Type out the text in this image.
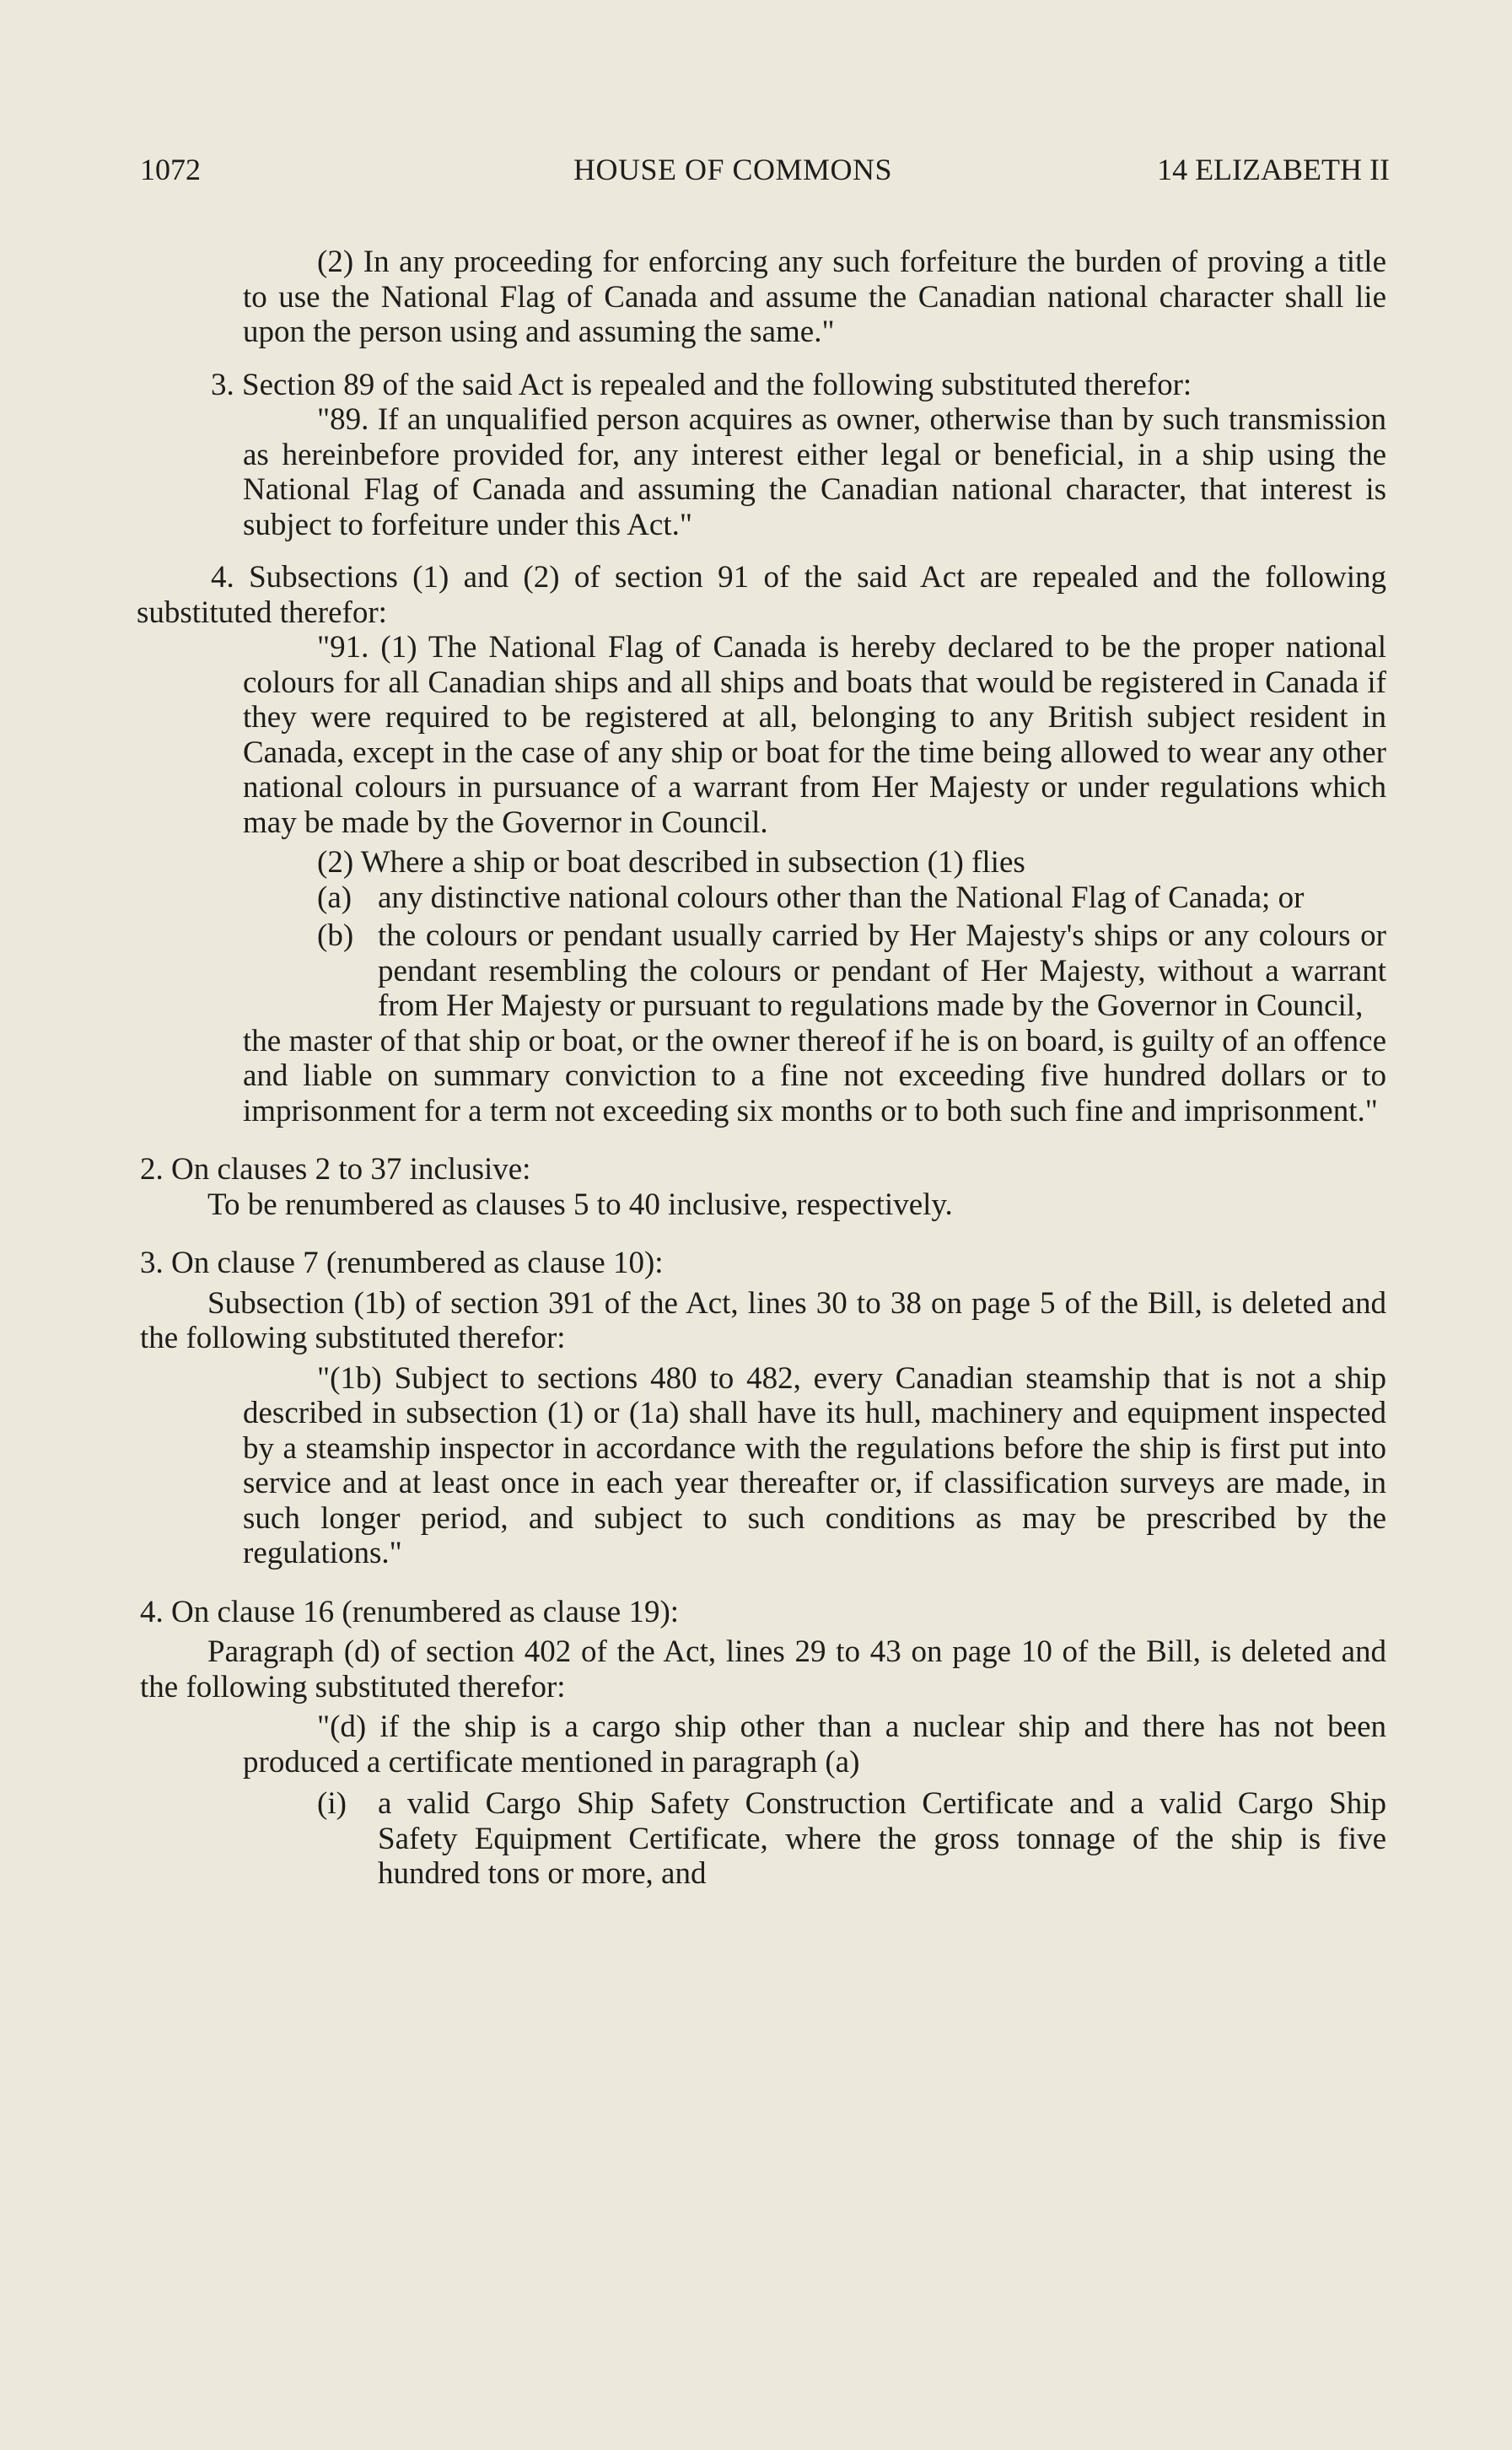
1072	HOUSE OF COMMONS	14 ELIZABETH II

(2) In any proceeding for enforcing any such forfeiture the burden of proving a title to use the National Flag of Canada and assume the Canadian national character shall lie upon the person using and assuming the same."

3. Section 89 of the said Act is repealed and the following substituted therefor:

"89. If an unqualified person acquires as owner, otherwise than by such transmission as hereinbefore provided for, any interest either legal or beneficial, in a ship using the National Flag of Canada and assuming the Canadian national character, that interest is subject to forfeiture under this Act."

4. Subsections (1) and (2) of section 91 of the said Act are repealed and the following substituted therefor:

"91. (1) The National Flag of Canada is hereby declared to be the proper national colours for all Canadian ships and all ships and boats that would be registered in Canada if they were required to be registered at all, belonging to any British subject resident in Canada, except in the case of any ship or boat for the time being allowed to wear any other national colours in pursuance of a warrant from Her Majesty or under regulations which may be made by the Governor in Council.

(2) Where a ship or boat described in subsection (1) flies

(a) any distinctive national colours other than the National Flag of Canada; or
(b) the colours or pendant usually carried by Her Majesty's ships or any colours or pendant resembling the colours or pendant of Her Majesty, without a warrant from Her Majesty or pursuant to regulations made by the Governor in Council,

the master of that ship or boat, or the owner thereof if he is on board, is guilty of an offence and liable on summary conviction to a fine not exceeding five hundred dollars or to imprisonment for a term not exceeding six months or to both such fine and imprisonment."

2. On clauses 2 to 37 inclusive:

To be renumbered as clauses 5 to 40 inclusive, respectively.

3. On clause 7 (renumbered as clause 10):

Subsection (1b) of section 391 of the Act, lines 30 to 38 on page 5 of the Bill, is deleted and the following substituted therefor:

"(1b) Subject to sections 480 to 482, every Canadian steamship that is not a ship described in subsection (1) or (1a) shall have its hull, machinery and equipment inspected by a steamship inspector in accordance with the regulations before the ship is first put into service and at least once in each year thereafter or, if classification surveys are made, in such longer period, and subject to such conditions as may be prescribed by the regulations."

4. On clause 16 (renumbered as clause 19):

Paragraph (d) of section 402 of the Act, lines 29 to 43 on page 10 of the Bill, is deleted and the following substituted therefor:

"(d) if the ship is a cargo ship other than a nuclear ship and there has not been produced a certificate mentioned in paragraph (a)

(i)	a valid Cargo Ship Safety Construction Certificate and a valid Cargo Ship Safety Equipment Certificate, where the gross tonnage of the ship is five hundred tons or more, and
